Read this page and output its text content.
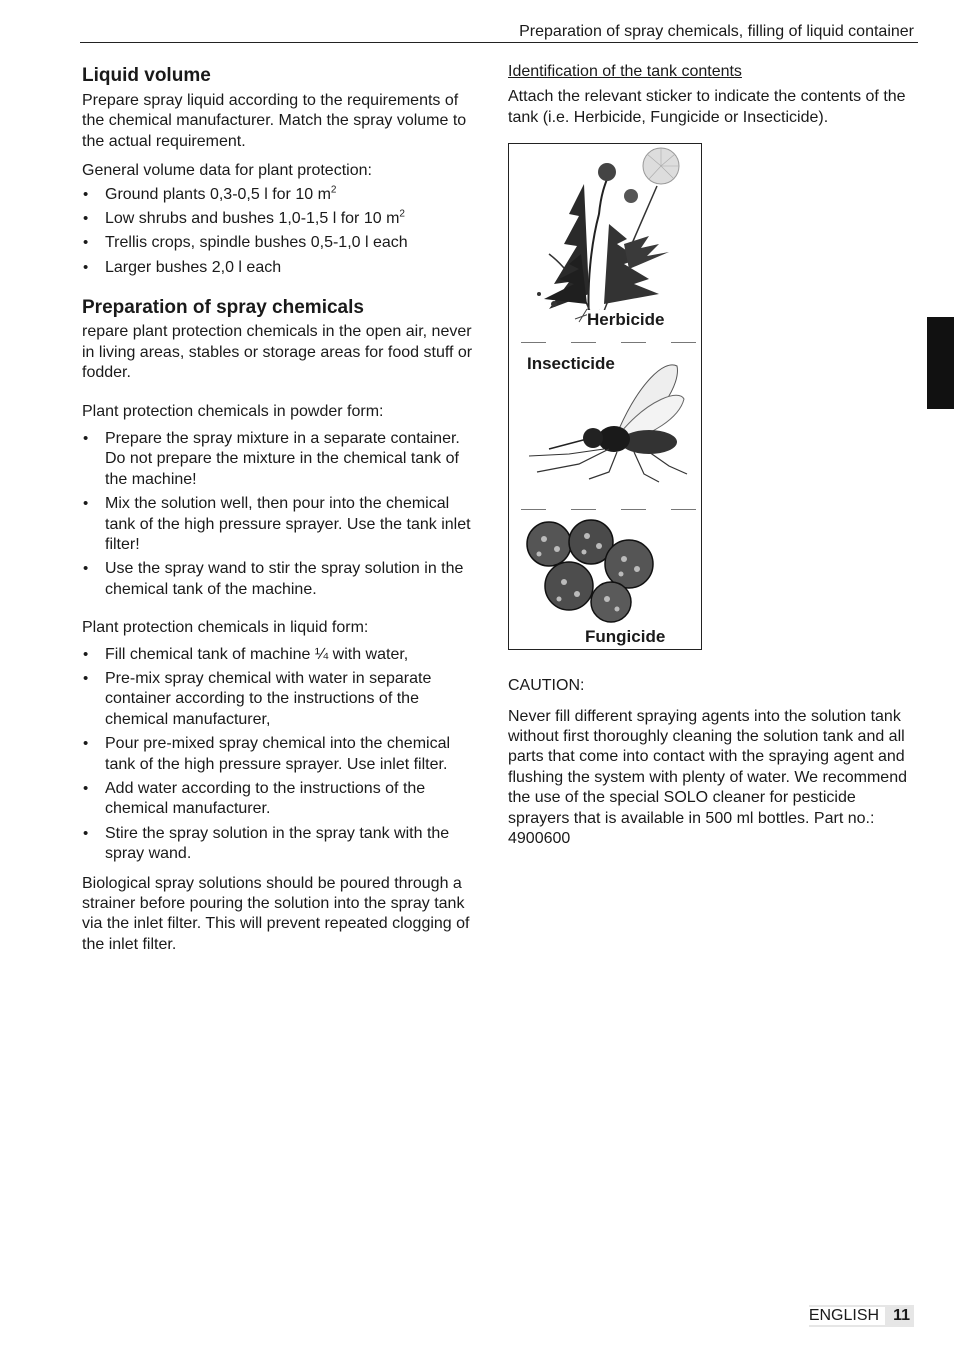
Preparation of spray chemicals, filling of liquid container
Liquid volume

Prepare spray liquid according to the requirements of the chemical manufacturer. Match the spray volume to the actual requirement.

General volume data for plant protection:

• Ground plants 0,3-0,5 l for 10 $m^2$
• Low shrubs and bushes 1,0-1,5 l for 10 $m^2$
• Trellis crops, spindle bushes 0,5-1,0 l each
• Larger bushes 2,0 l each
Preparation of spray chemicals

repare plant protection chemicals in the open air, never in living areas, stables or storage areas for food stuff or fodder.

Plant protection chemicals in powder form:

• Prepare the spray mixture in a separate container. Do not prepare the mixture in the chemical tank of the machine!
• Mix the solution well, then pour into the chemical tank of the high pressure sprayer. Use the tank inlet filter!
• Use the spray wand to stir the spray solution in the chemical tank of the machine.

Plant protection chemicals in liquid form:

• Fill chemical tank of machine ¼ with water,
• Pre-mix spray chemical with water in separate container according to the instructions of the chemical manufacturer,
• Pour pre-mixed spray chemical into the chemical tank of the high pressure sprayer. Use inlet filter.
• Add water according to the instructions of the chemical manufacturer.
• Stire the spray solution in the spray tank with the spray wand.

Biological spray solutions should be poured through a strainer before pouring the solution into the spray tank via the inlet filter. This will prevent repeated clogging of the inlet filter.

Identification of the tank contents

Attach the relevant sticker to indicate the contents of the tank (i.e. Herbicide, Fungicide or Insecticide).

Herbicide
Insecticide
Fungicide

CAUTION:

Never fill different spraying agents into the solution tank without first thoroughly cleaning the solution tank and all parts that come into contact with the spraying agent and flushing the system with plenty of water. We recommend the use of the special SOLO cleaner for pesticide sprayers that is available in 500 ml bottles. Part no.: 4900600

ENGLISH 11
